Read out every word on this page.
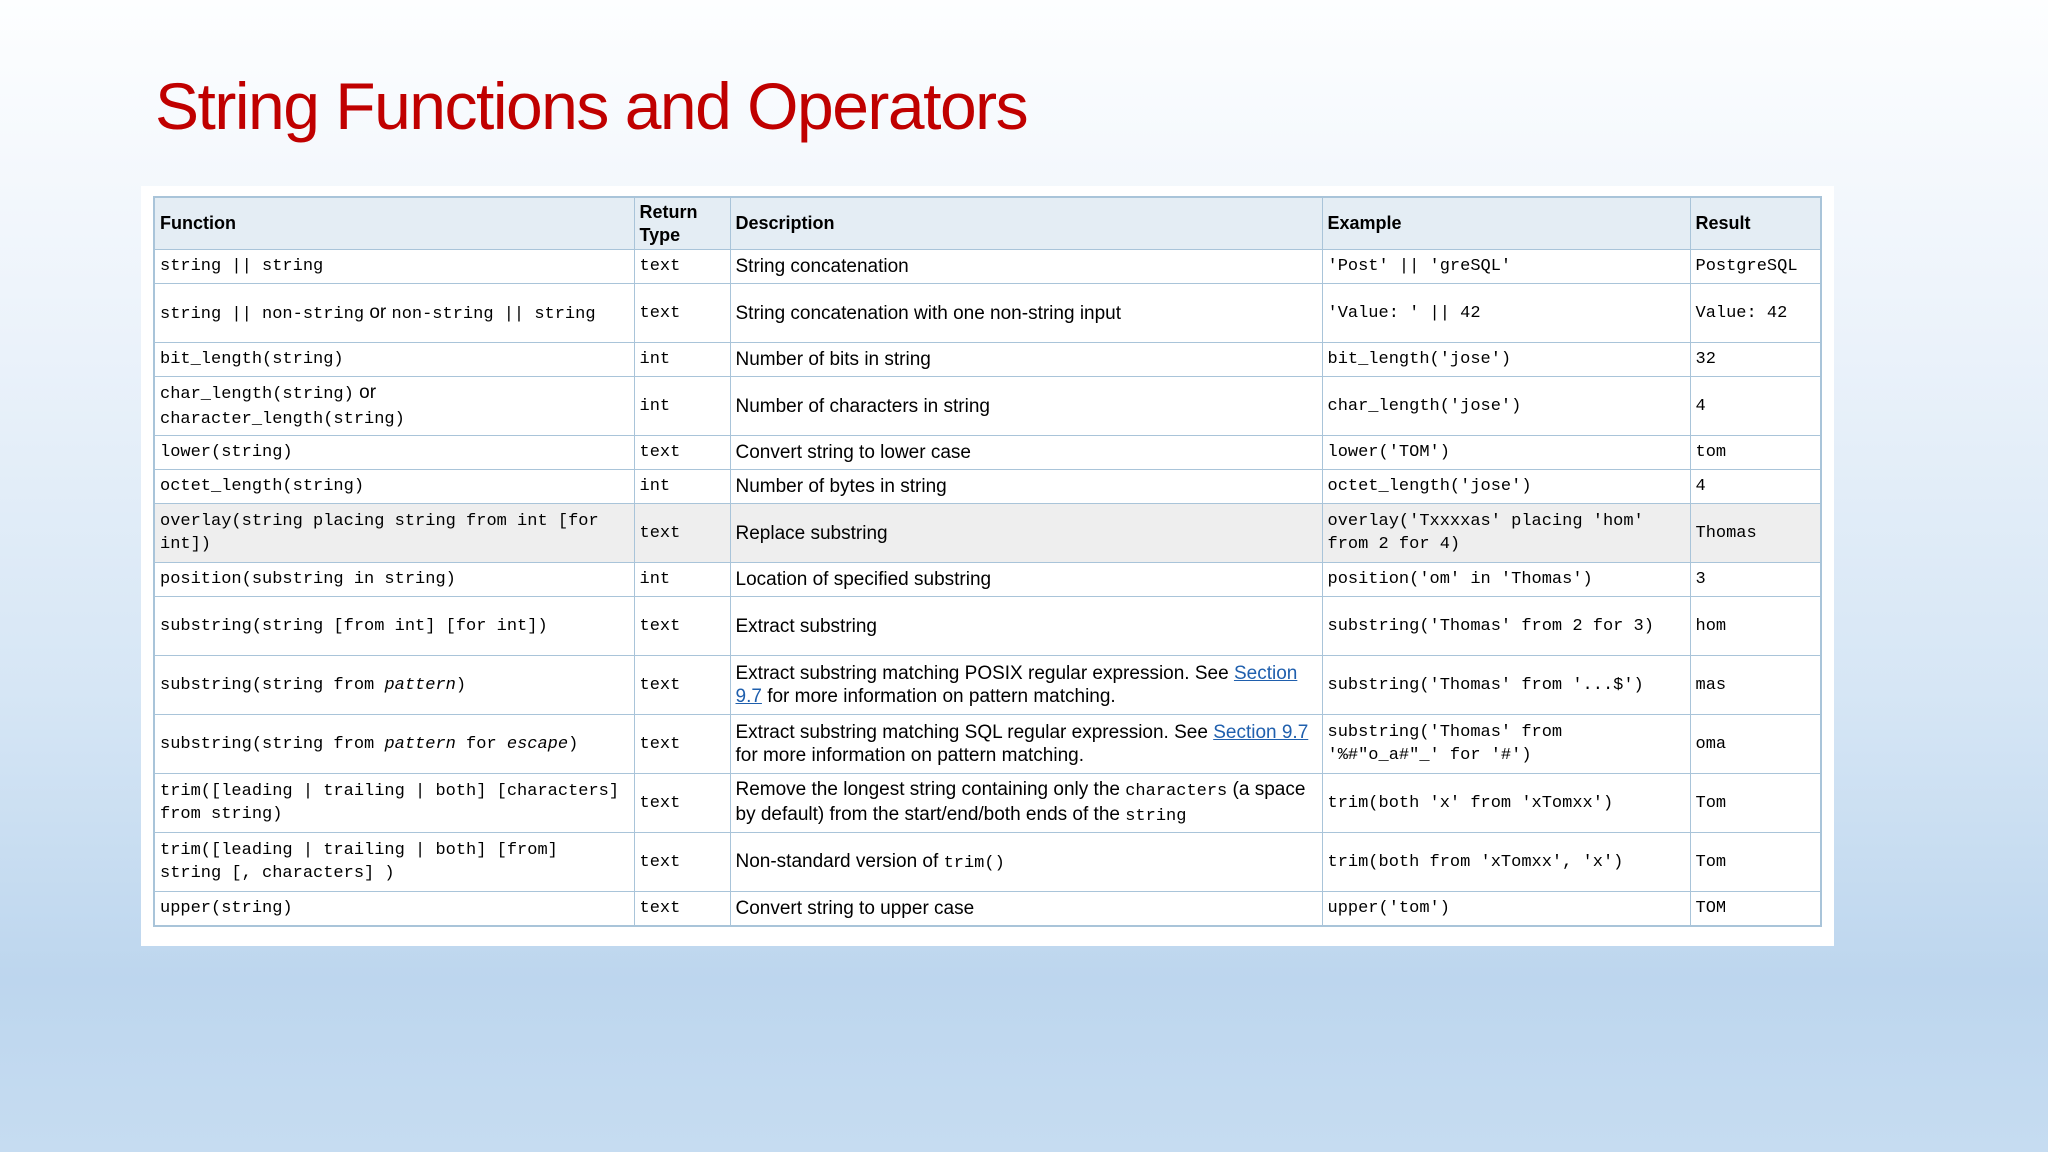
String Functions and Operators
Function	Return Type	Description	Example	Result
string || string	text	String concatenation	'Post' || 'greSQL'	PostgreSQL
string || non-string or non-string || string	text	String concatenation with one non-string input	'Value: ' || 42	Value: 42
bit_length(string)	int	Number of bits in string	bit_length('jose')	32
char_length(string) or
character_length(string)	int	Number of characters in string	char_length('jose')	4
lower(string)	text	Convert string to lower case	lower('TOM')	tom
octet_length(string)	int	Number of bytes in string	octet_length('jose')	4
overlay(string placing string from int [for int])	text	Replace substring	overlay('Txxxxas' placing 'hom' from 2 for 4)	Thomas
position(substring in string)	int	Location of specified substring	position('om' in 'Thomas')	3
substring(string [from int] [for int])	text	Extract substring	substring('Thomas' from 2 for 3)	hom
substring(string from pattern)	text	Extract substring matching POSIX regular expression. See Section 9.7 for more information on pattern matching.	substring('Thomas' from '...$')	mas
substring(string from pattern for escape)	text	Extract substring matching SQL regular expression. See Section 9.7 for more information on pattern matching.	substring('Thomas' from '%#"o_a#"_' for '#')	oma
trim([leading | trailing | both] [characters] from string)	text	Remove the longest string containing only the characters (a space by default) from the start/end/both ends of the string	trim(both 'x' from 'xTomxx')	Tom
trim([leading | trailing | both] [from] string [, characters] )	text	Non-standard version of trim()	trim(both from 'xTomxx', 'x')	Tom
upper(string)	text	Convert string to upper case	upper('tom')	TOM
